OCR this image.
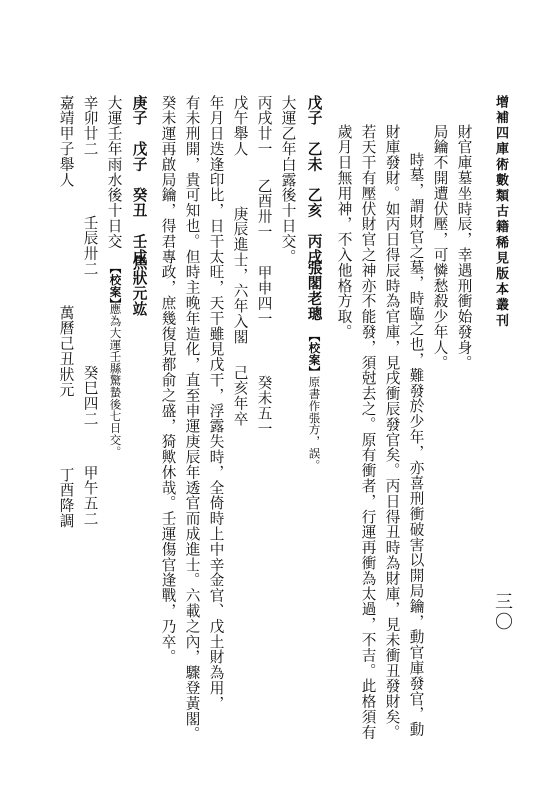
增補四庫術數類古籍稀見版本叢刊
財官庫墓坐時辰，幸遇刑衝始發身。
局鑰不開遭伏壓，可憐愁殺少年人。
時墓，謂財官之墓，時臨之也，難發於少年，亦喜刑衝破害以開局鑰，動官庫發官，動
財庫發財。如丙日得辰時為官庫，見戌衝辰發官矣。丙日得丑時為財庫，見未衝丑發財矣。
若天干有壓伏財官之神亦不能發，須尅去之。原有衝者，行運再衝為太過，不吉。此格須有
歲月日無用神，不入他格方取。
戊子　乙未　乙亥　丙戌
張閣老璁
【校案】
原書作張方，誤。
大運乙年白露後十日交。
丙戌廿一
乙酉卅一
甲申四一
癸未五一
戊午舉人
庚辰進士，六年入閣
己亥年卒
年月日迭逢印比，日干太旺，天干雖見戊干，浮露失時，全倚時上中辛金官、戊土財為用，
有未刑開，貴可知也。但時主晚年造化，直至申運庚辰年透官而成進士。六載之內，驟登黃閣。
癸未運再啟局鑰，得君專政，庶幾復見都俞之盛，猗歟休哉。壬運傷官逢戰，乃卒。
庚子　戊子　癸丑　壬戌
焦狀元竑
大運壬年雨水後十日交
【校案】
應為大運壬縣驚蟄後七日交。
辛卯廿二
壬辰卅二
癸巳四二
甲午五二
嘉靖甲子舉人
萬曆己丑狀元
丁酉降調
三〇
